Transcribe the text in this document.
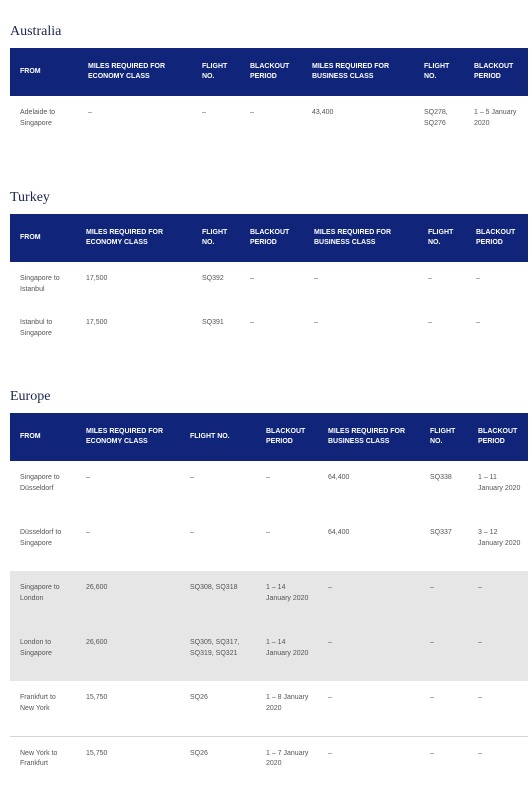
Australia
FROM	MILES REQUIRED FOR ECONOMY CLASS	FLIGHT NO.	BLACKOUT PERIOD	MILES REQUIRED FOR BUSINESS CLASS	FLIGHT NO.	BLACKOUT PERIOD
Adelaide to Singapore	–	–	–	43,400	SQ278, SQ276	1 – 5 January 2020
Turkey
FROM	MILES REQUIRED FOR ECONOMY CLASS	FLIGHT NO.	BLACKOUT PERIOD	MILES REQUIRED FOR BUSINESS CLASS	FLIGHT NO.	BLACKOUT PERIOD
Singapore to Istanbul	17,500	SQ392	–	–	–	–
Istanbul to Singapore	17,500	SQ391	–	–	–	–
Europe
FROM	MILES REQUIRED FOR ECONOMY CLASS	FLIGHT NO.	BLACKOUT PERIOD	MILES REQUIRED FOR BUSINESS CLASS	FLIGHT NO.	BLACKOUT PERIOD
Singapore to Düsseldorf	–	–	–	64,400	SQ338	1 – 11 January 2020
Düsseldorf to Singapore	–	–	–	64,400	SQ337	3 – 12 January 2020
Singapore to London	26,600	SQ308, SQ318	1 – 14 January 2020	–	–	–
London to Singapore	26,600	SQ305, SQ317, SQ319, SQ321	1 – 14 January 2020	–	–	–
Frankfurt to New York	15,750	SQ26	1 – 8 January 2020	–	–	–
New York to Frankfurt	15,750	SQ26	1 – 7 January 2020	–	–	–
